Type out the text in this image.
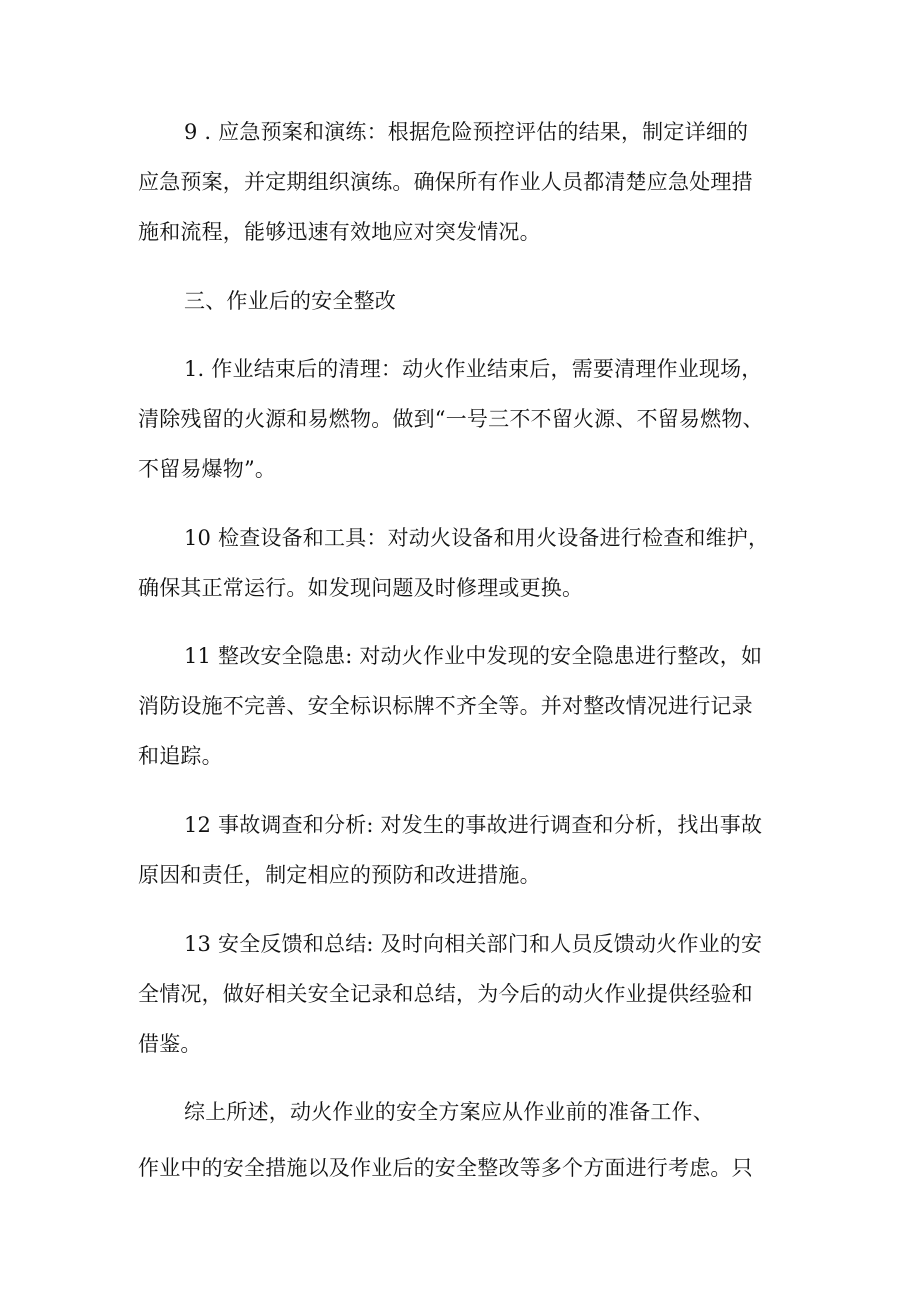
9 . 应急预案和演练：根据危险预控评估的结果，制定详细的
应急预案，并定期组织演练。确保所有作业人员都清楚应急处理措
施和流程，能够迅速有效地应对突发情况。
三、作业后的安全整改
1. 作业结束后的清理：动火作业结束后，需要清理作业现场，
清除残留的火源和易燃物。做到“一号三不不留火源、不留易燃物、
不留易爆物”。
10 检查设备和工具：对动火设备和用火设备进行检查和维护，
确保其正常运行。如发现问题及时修理或更换。
11 整改安全隐患: 对动火作业中发现的安全隐患进行整改，如
消防设施不完善、安全标识标牌不齐全等。并对整改情况进行记录
和追踪。
12 事故调查和分析: 对发生的事故进行调查和分析，找出事故
原因和责任，制定相应的预防和改进措施。
13 安全反馈和总结: 及时向相关部门和人员反馈动火作业的安
全情况，做好相关安全记录和总结，为今后的动火作业提供经验和
借鉴。
综上所述，动火作业的安全方案应从作业前的准备工作、
作业中的安全措施以及作业后的安全整改等多个方面进行考虑。只
